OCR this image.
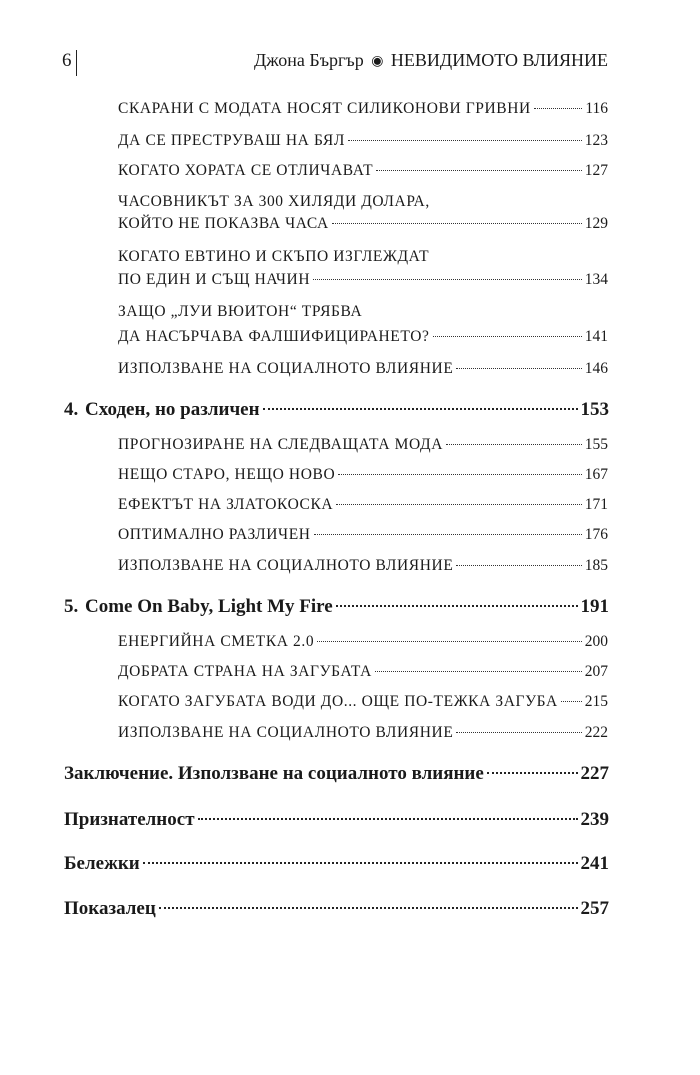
6	Джона Бъргър ◉ НЕВИДИМОТО ВЛИЯНИЕ
СКАРАНИ С МОДАТА НОСЯТ СИЛИКОНОВИ ГРИВНИ	116
ДА СЕ ПРЕСТРУВАШ НА БЯЛ	123
КОГАТО ХОРАТА СЕ ОТЛИЧАВАТ	127
ЧАСОВНИКЪТ ЗА 300 ХИЛЯДИ ДОЛАРА,
КОЙТО НЕ ПОКАЗВА ЧАСА	129
КОГАТО ЕВТИНО И СКЪПО ИЗГЛЕЖДАТ
ПО ЕДИН И СЪЩ НАЧИН	134
ЗАЩО „ЛУИ ВЮИТОН“ ТРЯБВА
ДА НАСЪРЧАВА ФАЛШИФИЦИРАНЕТО?	141
ИЗПОЛЗВАНЕ НА СОЦИАЛНОТО ВЛИЯНИЕ	146
4. Сходен, но различен	153
ПРОГНОЗИРАНЕ НА СЛЕДВАЩАТА МОДА	155
НЕЩО СТАРО, НЕЩО НОВО	167
ЕФЕКТЪТ НА ЗЛАТОКОСКА	171
ОПТИМАЛНО РАЗЛИЧЕН	176
ИЗПОЛЗВАНЕ НА СОЦИАЛНОТО ВЛИЯНИЕ	185
5. Come On Baby, Light My Fire	191
ЕНЕРГИЙНА СМЕТКА 2.0	200
ДОБРАТА СТРАНА НА ЗАГУБАТА	207
КОГАТО ЗАГУБАТА ВОДИ ДО... ОЩЕ ПО-ТЕЖКА ЗАГУБА 215
ИЗПОЛЗВАНЕ НА СОЦИАЛНОТО ВЛИЯНИЕ	222
Заключение. Използване на социалното влияние	227
Признателност	239
Бележки	241
Показалец	257
